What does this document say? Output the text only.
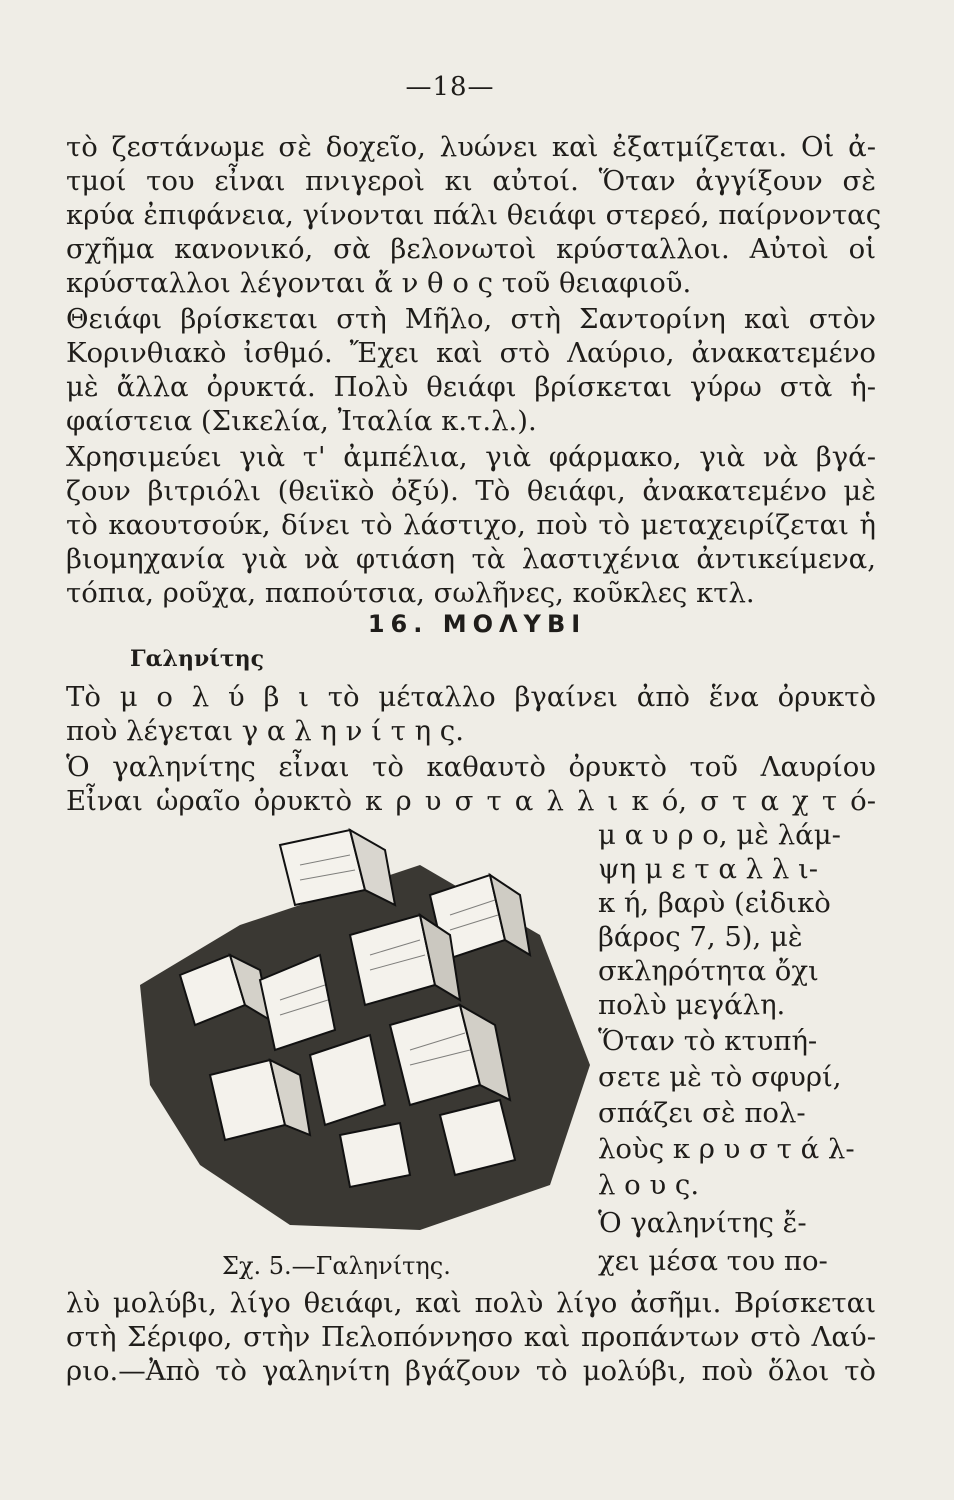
—18—
τὸ ζεστάνωμε σὲ δοχεῖο, λυώνει καὶ ἐξατμίζεται. Οἱ ἀ-
τμοί του εἶναι πνιγεροὶ κι αὐτοί. Ὅταν ἀγγίξουν σὲ
κρύα ἐπιφάνεια, γίνονται πάλι θειάφι στερεό, παίρνοντας
σχῆμα κανονικό, σὰ βελονωτοὶ κρύσταλλοι. Αὐτοὶ οἱ
κρύσταλλοι λέγονται ἄ ν θ ο ς τοῦ θειαφιοῦ.
Θειάφι βρίσκεται στὴ Μῆλο, στὴ Σαντορίνη καὶ στὸν
Κορινθιακὸ ἰσθμό. Ἔχει καὶ στὸ Λαύριο, ἀνακατεμένο
μὲ ἄλλα ὀρυκτά. Πολὺ θειάφι βρίσκεται γύρω στὰ ἡ-
φαίστεια (Σικελία, Ἰταλία κ.τ.λ.).
Χρησιμεύει γιὰ τ' ἀμπέλια, γιὰ φάρμακο, γιὰ νὰ βγά-
ζουν βιτριόλι (θειϊκὸ ὀξύ). Τὸ θειάφι, ἀνακατεμένο μὲ
τὸ καουτσούκ, δίνει τὸ λάστιχο, ποὺ τὸ μεταχειρίζεται ἡ
βιομηχανία γιὰ νὰ φτιάση τὰ λαστιχένια ἀντικείμενα,
τόπια, ροῦχα, παπούτσια, σωλῆνες, κοῦκλες κτλ.
16. ΜΟΛΥΒΙ
Γαληνίτης
Τὸ μ ο λ ύ β ι τὸ μέταλλο βγαίνει ἀπὸ ἕνα ὀρυκτὸ
ποὺ λέγεται γ α λ η ν ί τ η ς.
Ὁ γαληνίτης εἶναι τὸ καθαυτὸ ὀρυκτὸ τοῦ Λαυρίου
Εἶναι ὡραῖο ὀρυκτὸ κ ρ υ σ τ α λ λ ι κ ό, σ τ α χ τ ό-
μ α υ ρ ο, μὲ λάμ-
ψη μ ε τ α λ λ ι-
κ ή, βαρὺ (εἰδικὸ
βάρος 7, 5), μὲ
σκληρότητα ὄχι
πολὺ μεγάλη.
Ὅταν τὸ κτυπή-
σετε μὲ τὸ σφυρί,
σπάζει σὲ πολ-
λοὺς κ ρ υ σ τ ά λ-
λ ο υ ς.
Ὁ γαληνίτης ἔ-
χει μέσα του πο-
Σχ. 5.—Γαληνίτης.
λὺ μολύβι, λίγο θειάφι, καὶ πολὺ λίγο ἀσῆμι. Βρίσκεται
στὴ Σέριφο, στὴν Πελοπόννησο καὶ προπάντων στὸ Λαύ-
ριο.—Ἀπὸ τὸ γαληνίτη βγάζουν τὸ μολύβι, ποὺ ὅλοι τὸ
